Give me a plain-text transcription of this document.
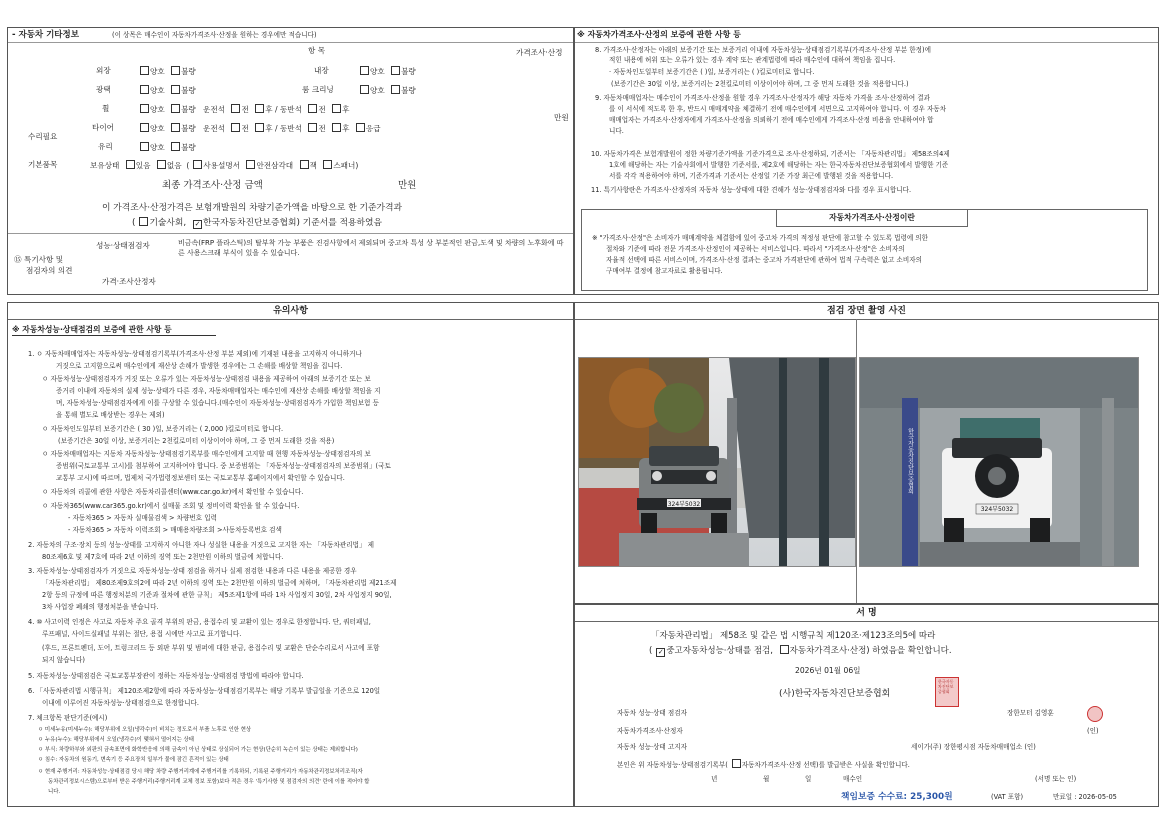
- 자동차 기타정보	(이 상목은 매수인이 자동차가격조사·산정을 원하는 경우에만 적습니다)
항 목	가격조사·산정
수리필요
외장	양호 불량	내장	양호 불량
광택	양호 불량	룸 크리닝	양호 불량
휠	양호 불량 운전석 전 후 / 동반석 전 후
타이어	양호 불량 운전석 전 후 / 동반석 전 후 응급
만원
유리	양호 불량
기본품목	보유상태 있음 없음  ( 사용설명서 안전삼각대 잭 스패너)
최종 가격조사·산정 금액	만원
이 가격조사·산정가격은 보험개발원의 차량기준가액을 바탕으로 한 기준가격과
( 기술사회, ✓ 한국자동차진단보증협회) 기준서를 적용하였음
⑮ 특기사항 및
점검자의 의견
성능·상태점검자	비금속(FRP 플라스틱)의 탈부착 가능 부품은 진검사항에서 제외되며 중고차 특성 상 부분적인 판금,도색 및 차량의 노후화에 따른 사용스크래 부식이 있을 수 있습니다.
가격·조사산정자
※ 자동차가격조사·산정의 보증에 관한 사항 등
8. 가격조사·산정자는 아래의 보증기간 또는 보증거리 이내에 자동차성능·상태점검기록부(가격조사·산정 부분 한정)에
적힌 내용에 허위 또는 오류가 있는 경우 계약 또는 관계법령에 따라 매수인에 대하여 책임을 집니다.
· 자동차인도일부터 보증기간은 ( )일, 보증거리는 ( )킬로미터로 합니다.
(보증기간은 30일 이상, 보증거리는 2천킬로미터 이상이어야 하며, 그 중 먼저 도래한 것을 적용합니다.)
9. 자동차매매업자는 매수인이 가격조사·산정을 원할 경우 가격조사·산정자가 해당 자동차 가격을 조사·산정하여 결과
를 이 서식에 적도록 한 후, 반드시 매매계약을 체결하기 전에 매수인에게 서면으로 고지하여야 합니다. 이 경우 자동차
매매업자는 가격조사·산정자에게 가격조사·산정을 의뢰하기 전에 매수인에게 가격조사·산정 비용을 안내하여야 합
니다.
10. 자동차가격은 보험개발원이 정한 차량기준가액을 기준가격으로 조사·산정하되, 기준서는 「자동차관리법」 제58조의4제
1호에 해당하는 자는 기술사회에서 발행한 기준서를, 제2호에 해당하는 자는 한국자동차진단보증협회에서 발행한 기준
서를 각각 적용하여야 하며, 기준가격과 기준서는 산정일 기준 가장 최근에 발행된 것을 적용합니다.
11. 특기사항란은 가격조사·산정자의 자동차 성능·상태에 대한 견해가 성능·상태점검자와 다를 경우 표시합니다.
자동차가격조사·산정이란
※ "가격조사·산정"은 소비자가 매매계약을 체결함에 있어 중고차 가격의 적정성 판단에 참고할 수 있도록 법령에 의한
절차와 기준에 따라 전문 가격조사·산정인이 제공하는 서비스입니다. 따라서 "가격조사·산정"은 소비자의
자율적 선택에 따른 서비스이며, 가격조사·산정 결과는 중고차 가격판단에 관하여 법적 구속력은 없고 소비자의
구매여부 결정에 참고자료로 활용됩니다.
유의사항
※ 자동차성능·상태점검의 보증에 관한 사항 등
1. ㅇ 자동차매매업자는 자동차성능·상태점검기록부(가격조사·산정 부분 제외)에 기재된 내용을 고지하지 아니하거나
거짓으로 고지함으로써 매수인에게 재산상 손해가 발생한 경우에는 그 손해를 배상할 책임을 집니다.
ㅇ 자동차성능·상태점검자가 거짓 또는 오류가 있는 자동차성능·상태점검 내용을 제공하여 아래의 보증기간 또는 보
증거리 이내에 자동차의 실제 성능·상태가 다른 경우, 자동차매매업자는 매수인에 재산상 손해를 배상할 책임을 지
며, 자동차성능·상태점검자에게 이를 구상할 수 있습니다.(매수인이 자동차성능·상태점검자가 가입한 책임보험 등
을 통해 별도로 배상받는 경우는 제외)
ㅇ 자동차인도일부터 보증기간은 ( 30 )일, 보증거리는 ( 2,000 )킬로미터로 합니다.
(보증기간은 30일 이상, 보증거리는 2천킬로미터 이상이어야 하며, 그 중 먼저 도래한 것을 적용)
ㅇ 자동차매매업자는 지동차 자동차성능·상태점검기록부를 매수인에게 고지할 때 현행 자동차성능·상태점검자의 보
증범위(국토교통부 고시)를 첨부하여 고지하여야 합니다. 중 보증범위는 「자동차성능·상태점검자의 보증범위」(국토
교통부 고시)에 따르며, 법제처 국가법령정보센터 또는 국토교통부 홈페이지에서 확인할 수 있습니다.
ㅇ 자동차의 리콜에 관한 사항은 자동차리콜센터(www.car.go.kr)에서 확인할 수 있습니다.
ㅇ 자동차365(www.car365.go.kr)에서 실매물 조회 및 정비이력 확인을 할 수 있습니다.
- 자동차365 > 자동차 실매물검색 > 차량번호 입력
- 자동차365 > 자동차 이력조회 > 매매용차량조회 >사동차등록번호 검색
2. 자동차의 구조·장치 등의 성능·상태를 고지하지 아니한 자나 성실한 내용을 거짓으로 고지한 자는 「자동차관리법」 제
80조제6호 및 제7호에 따라 2년 이하의 징역 또는 2천만원 이하의 벌금에 처합니다.
3. 자동차성능·상태점검자가 거짓으로 자동차성능·상태 점검을 하거나 실제 점검한 내용과 다른 내용을 제공한 경우
「자동차관리법」 제80조제9호의2에 따라 2년 이하의 징역 또는 2천만원 이하의 벌금에 처하며, 「자동차관리법 제21조제
2항 등의 규정에 따른 행정처분의 기준과 절차에 관한 규칙」 제5조제1항에 따라 1차 사업정지 30일, 2차 사업정지 90일,
3차 사업장 폐쇄의 행정처분을 받습니다.
4. ⑩ 사고이력 인정은 사고로 자동차 주요 골격 부위의 판금, 용접수리 및 교환이 있는 경우로 한정합니다. 단, 쿼터패널,
루프패널, 사이드실패널 부위는 절단, 용접 시에만 사고로 표기합니다.
(후드, 프론트펜더, 도어, 트렁크리드 등 외판 부위 및 범퍼에 대한 판금, 용접수리 및 교환은 단순수리로서 사고에 포함
되지 않습니다)
5. 자동차성능·상태점검은 국토교통부장관이 정하는 자동차성능·상태점검 방법에 따라야 합니다.
6. 「사동차관리법 시행규칙」 제120조제2항에 따라 자동차성능·상태점검기록부는 해당 기록부 발급일을 기준으로 120일
이내에 이루어진 자동차성능·상태점검으로 한정합니다.
7. 체크항목 판단기준(예시)
ㅇ 미세누유(미세누수): 해당부위에 오일(냉각수)이 비치는 정도로서 부품 노후로 인한 현상
ㅇ 누유(누수): 해당부위에서 오일(냉각수)이 맺혀서 떨어지는 상태
ㅇ 부식: 차량하부와 외판의 금속표면에 화학반응에 의해 금속이 아닌 상태로 상실되어 가는 현상(단순히 녹슨이 있는 상태는 제외합니다)
ㅇ 침수: 자동차의 원동기, 변속기 등 주요장치 일부가 물에 잠긴 흔적이 있는 상태
ㅇ 현재 주행거리: 자동차성능·상태점검 당시 해당 차량 주행거리계에 주행거리를 기록하되, 기록된 주행거리가 자동차관리정보처리조직(자
동차관리정보시스템)으로부터 받은 주행거리(주행거리계 교체 정보 포함)보다 적은 경우 '특기사항 및 점검자의 의견' 란에 이를 적어야 합
니다.
점검 장면 촬영 사진
324부5032
한국자동차진단보증협회
324부5032
서 명
「자동차관리법」 제58조 및 같은 법 시행규칙 제120조·제123조의5에 따라
( ✓ 중고자동차성능·상태를 점검, 자동차가격조사·산정) 하였음을 확인합니다.
2026년 01월 06일
(사)한국자동차진단보증협회
한국자동차진단보증협회
자동차 성능·상태 점검자	장한모터 김영훈
자동차가격조사·산정자	(인)
자동차 성능·상태 고지자	세이가(주) 장한평시점 자동차매매업소 (인)
본인은 위 자동차성능·상태점검기록부( 자동차가격조사·산정 선택)를 발급받은 사실을 확인합니다.
년	월	일	매수인	(서명 또는 인)
책임보증 수수료: 25,300원	(VAT 포함)	만료일 : 2026-05-05
